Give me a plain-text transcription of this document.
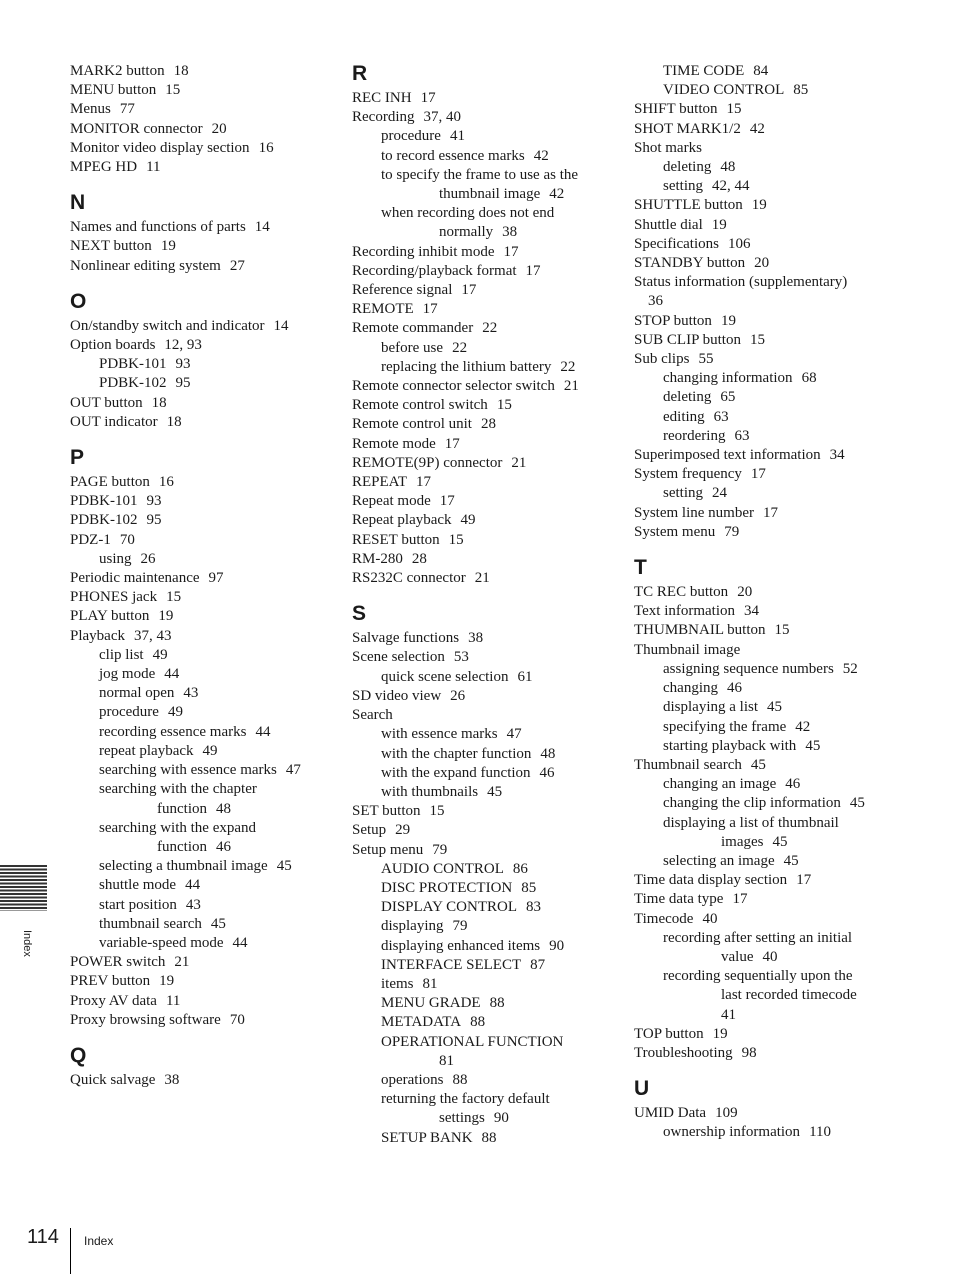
Index
MARK2 button 18
MENU button 15
Menus 77
MONITOR connector 20
Monitor video display section 16
MPEG HD 11
N
Names and functions of parts 14
NEXT button 19
Nonlinear editing system 27
O
On/standby switch and indicator 14
Option boards 12, 93
PDBK-101 93
PDBK-102 95
OUT button 18
OUT indicator 18
P
PAGE button 16
PDBK-101 93
PDBK-102 95
PDZ-1 70
using 26
Periodic maintenance 97
PHONES jack 15
PLAY button 19
Playback 37, 43
clip list 49
jog mode 44
normal open 43
procedure 49
recording essence marks 44
repeat playback 49
searching with essence marks 47
searching with the chapter
function 48
searching with the expand
function 46
selecting a thumbnail image 45
shuttle mode 44
start position 43
thumbnail search 45
variable-speed mode 44
POWER switch 21
PREV button 19
Proxy AV data 11
Proxy browsing software 70
Q
Quick salvage 38
R
REC INH 17
Recording 37, 40
procedure 41
to record essence marks 42
to specify the frame to use as the
thumbnail image 42
when recording does not end
normally 38
Recording inhibit mode 17
Recording/playback format 17
Reference signal 17
REMOTE 17
Remote commander 22
before use 22
replacing the lithium battery 22
Remote connector selector switch 21
Remote control switch 15
Remote control unit 28
Remote mode 17
REMOTE(9P) connector 21
REPEAT 17
Repeat mode 17
Repeat playback 49
RESET button 15
RM-280 28
RS232C connector 21
S
Salvage functions 38
Scene selection 53
quick scene selection 61
SD video view 26
Search
with essence marks 47
with the chapter function 48
with the expand function 46
with thumbnails 45
SET button 15
Setup 29
Setup menu 79
AUDIO CONTROL 86
DISC PROTECTION 85
DISPLAY CONTROL 83
displaying 79
displaying enhanced items 90
INTERFACE SELECT 87
items 81
MENU GRADE 88
METADATA 88
OPERATIONAL FUNCTION
81
operations 88
returning the factory default
settings 90
SETUP BANK 88
TIME CODE 84
VIDEO CONTROL 85
SHIFT button 15
SHOT MARK1/2 42
Shot marks
deleting 48
setting 42, 44
SHUTTLE button 19
Shuttle dial 19
Specifications 106
STANDBY button 20
Status information (supplementary)
36
STOP button 19
SUB CLIP button 15
Sub clips 55
changing information 68
deleting 65
editing 63
reordering 63
Superimposed text information 34
System frequency 17
setting 24
System line number 17
System menu 79
T
TC REC button 20
Text information 34
THUMBNAIL button 15
Thumbnail image
assigning sequence numbers 52
changing 46
displaying a list 45
specifying the frame 42
starting playback with 45
Thumbnail search 45
changing an image 46
changing the clip information 45
displaying a list of thumbnail
images 45
selecting an image 45
Time data display section 17
Time data type 17
Timecode 40
recording after setting an initial
value 40
recording sequentially upon the
last recorded timecode
41
TOP button 19
Troubleshooting 98
U
UMID Data 109
ownership information 110
114 Index
